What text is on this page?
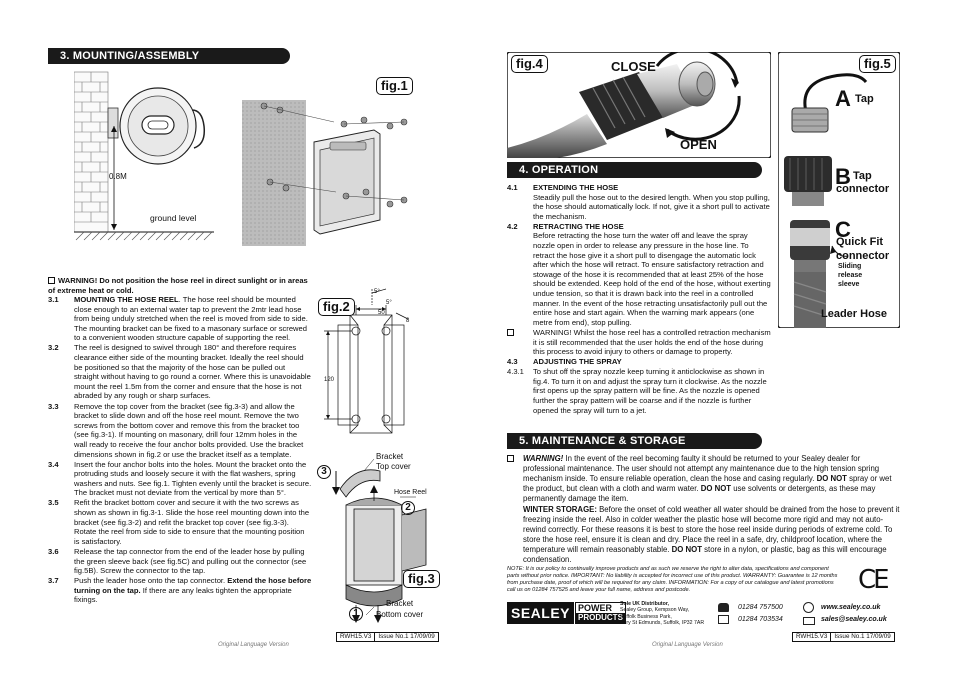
3. MOUNTING/ASSEMBLY
fig.1
0.8M
ground level
WARNING! Do not position the hose reel in direct sunlight or in areas of extreme heat or cold.
3.1	MOUNTING THE HOSE REEL. The hose reel should be mounted close enough to an external water tap to prevent the 2mtr lead hose from being unduly stretched when the reel is moved from side to side. The mounting bracket can be fixed to a masonary surface or screwed to a convenient wooden structure capable of supporting the reel.
3.2	The reel is designed to swivel through 180° and therefore requires clearance either side of the mounting bracket. Ideally the reel should be positioned so that the majority of the hose can be pulled out straight without having to go round a corner. Where this is unavoidable mount the reel 1.5m from the corner and ensure that the hose is not abraded by any rough or sharp surfaces.
3.3	Remove the top cover from the bracket (see fig.3-3) and allow the bracket to slide down and off the hose reel mount. Remove the two screws from the bottom cover and remove this from the bracket too (see fig.3-1). If mounting on masonary, drill four 12mm holes in the wall ready to receive the four anchor bolts provided. Use the bracket dimensions shown in fig.2 or use the bracket itself as a template.
3.4	Insert the four anchor bolts into the holes. Mount the bracket onto the protruding studs and loosely secure it with the flat washers, spring washers and nuts. See fig.1. Tighten evenly until the bracket is secure. The bracket must not deviate from the vertical by more than 5°.
3.5	Refit the bracket bottom cover and secure it with the two screws as shown as shown in fig.3-1. Slide the hose reel mounting down into the bracket (see fig.3-2) and refit the bracket top cover (see fig.3-3). Rotate the reel from side to side to ensure that the mounting position is satisfactory.
3.6	Release the tap connector from the end of the leader hose by pulling the green sleeve back (see fig.5C) and pulling out the connector (see fig.5B). Screw the connector to the tap.
3.7	Push the leader hose onto the tap connector. Extend the hose before turning on the tap. If there are any leaks tighten the appropriate fixings.
fig.2
5°
5°
50
8
120
3
2
1
Bracket
Top cover
Hose Reel
fig.3
Bracket
Bottom cover
RWH15.V3	Issue No.1 17/09/09
Original Language Version
fig.4	CLOSE
OPEN
fig.5
A Tap
B Tap
connector
C
Quick Fit
connector
Sliding
release
sleeve
Leader Hose
4. OPERATION
4.1	EXTENDING THE HOSE
Steadily pull the hose out to the desired length. When you stop pulling, the hose should automatically lock. If not, give it a short pull to activate the mechanism.
4.2	RETRACTING THE HOSE
Before retracting the hose turn the water off and leave the spray nozzle open in order to release any pressure in the hose line. To retract the hose give it a short pull to disengage the automatic lock after which the hose will retract. To ensure satisfactory retraction and stowage of the hose it is recommended that at least 25% of the hose should be extended. Keep hold of the end of the hose, without exerting undue tension, so that it is drawn back into the reel in a controlled manner. In the event of the hose retracting unsatisfactorily pull out the entire hose and start again. When the warning mark appears (one metre from end), stop pulling.
WARNING! Whilst the hose reel has a controlled retraction mechanism it is still recommended that the user holds the end of the hose during this process to avoid injury to others or damage to property.
4.3	ADJUSTING THE SPRAY
4.3.1	To shut off the spray nozzle keep turning it anticlockwise as shown in fig.4. To turn it on and adjust the spray turn it clockwise. As the nozzle first opens up the spray pattern will be fine. As the nozzle is opened further the spray pattern will be coarse and if the nozzle is further opened the spray will turn to a jet.
5. MAINTENANCE & STORAGE
WARNING! In the event of the reel becoming faulty it should be returned to your Sealey dealer for professional maintenance. The user should not attempt any maintenance due to the high tension spring mechanism inside. To ensure reliable operation, clean the hose and casing regularly. DO NOT spray or wet the product, but clean with a cloth and warm water. DO NOT use solvents or detergents, as these may permanently damage the item.
WINTER STORAGE: Before the onset of cold weather all water should be drained from the hose to prevent it freezing inside the reel. Also in colder weather the plastic hose will become more rigid and may not auto-rewind correctly. For these reasons it is best to store the hose reel inside during periods of extreme cold. To store the hose reel, ensure it is clean and dry. Place the reel in a safe, dry, childproof location, where the temperature will remain reasonably stable. DO NOT store in a nylon, or plastic, bag as this will encourage condensation.
NOTE: It is our policy to continually improve products and as such we reserve the right to alter data, specifications and component parts without prior notice. IMPORTANT: No liability is accepted for incorrect use of this product. WARRANTY: Guarantee is 12 months from purchase date, proof of which will be required for any claim. INFORMATION: For a copy of our catalogue and latest promotions call us on 01284 757525 and leave your full name, address and postcode.	CE
SEALEY POWER
PRODUCTS
Sole UK Distributor,
Sealey Group, Kempson Way,
Suffolk Business Park,
Bury St Edmunds, Suffolk, IP32 7AR
01284 757500
01284 703534
www.sealey.co.uk
sales@sealey.co.uk
RWH15.V3	Issue No.1 17/09/09
Original Language Version
